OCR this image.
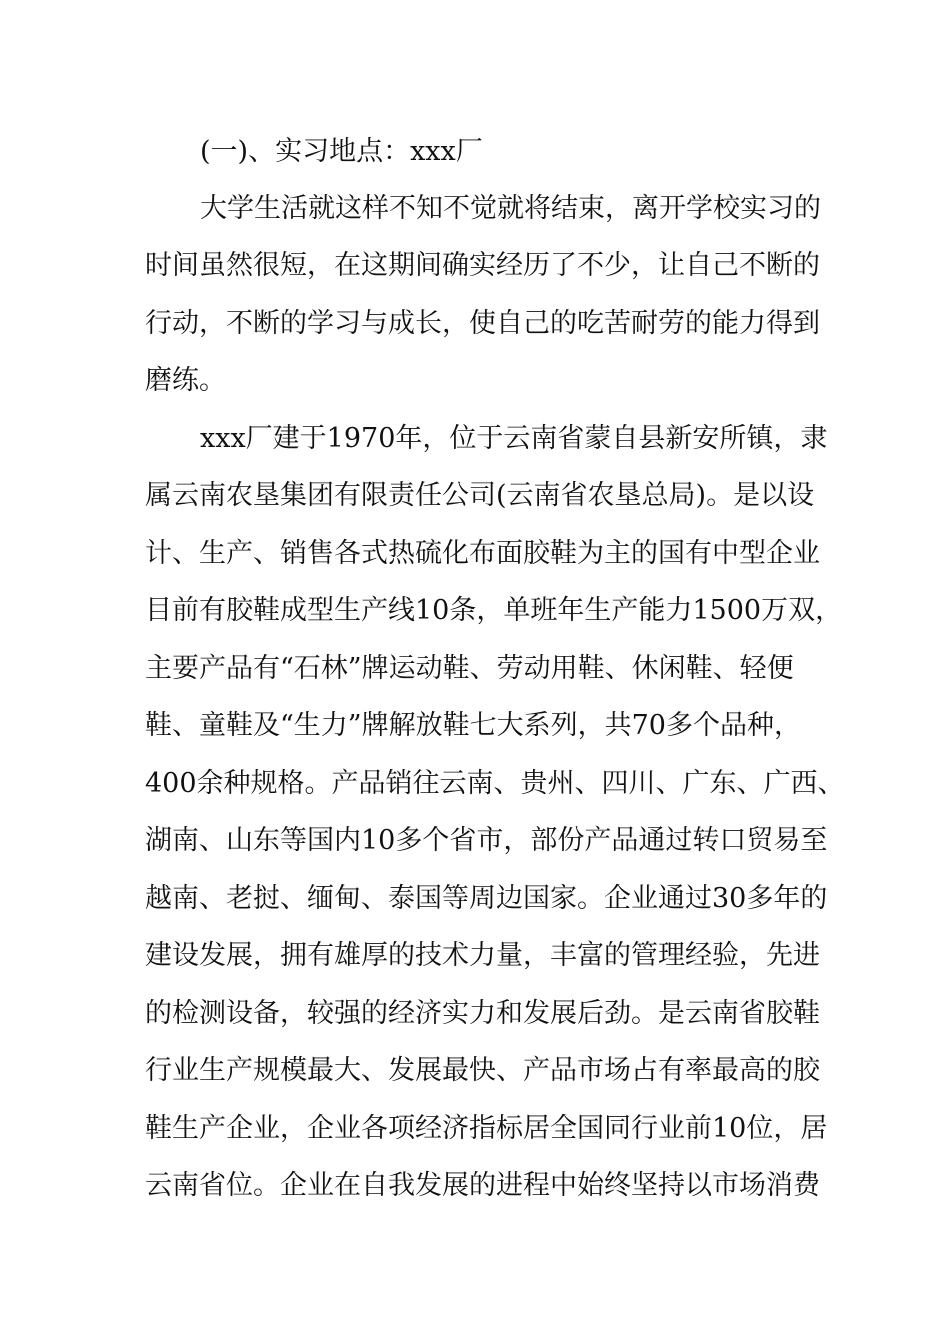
(一)、实习地点：xxx厂
大学生活就这样不知不觉就将结束，离开学校实习的
时间虽然很短，在这期间确实经历了不少，让自己不断的
行动，不断的学习与成长，使自己的吃苦耐劳的能力得到
磨练。
xxx厂建于1970年，位于云南省蒙自县新安所镇，隶
属云南农垦集团有限责任公司(云南省农垦总局)。是以设
计、生产、销售各式热硫化布面胶鞋为主的国有中型企业
目前有胶鞋成型生产线10条，单班年生产能力1500万双，
主要产品有“石林”牌运动鞋、劳动用鞋、休闲鞋、轻便
鞋、童鞋及“生力”牌解放鞋七大系列，共70多个品种，
400余种规格。产品销往云南、贵州、四川、广东、广西、
湖南、山东等国内10多个省市，部份产品通过转口贸易至
越南、老挝、缅甸、泰国等周边国家。企业通过30多年的
建设发展，拥有雄厚的技术力量，丰富的管理经验，先进
的检测设备，较强的经济实力和发展后劲。是云南省胶鞋
行业生产规模最大、发展最快、产品市场占有率最高的胶
鞋生产企业，企业各项经济指标居全国同行业前10位，居
云南省位。企业在自我发展的进程中始终坚持以市场消费
